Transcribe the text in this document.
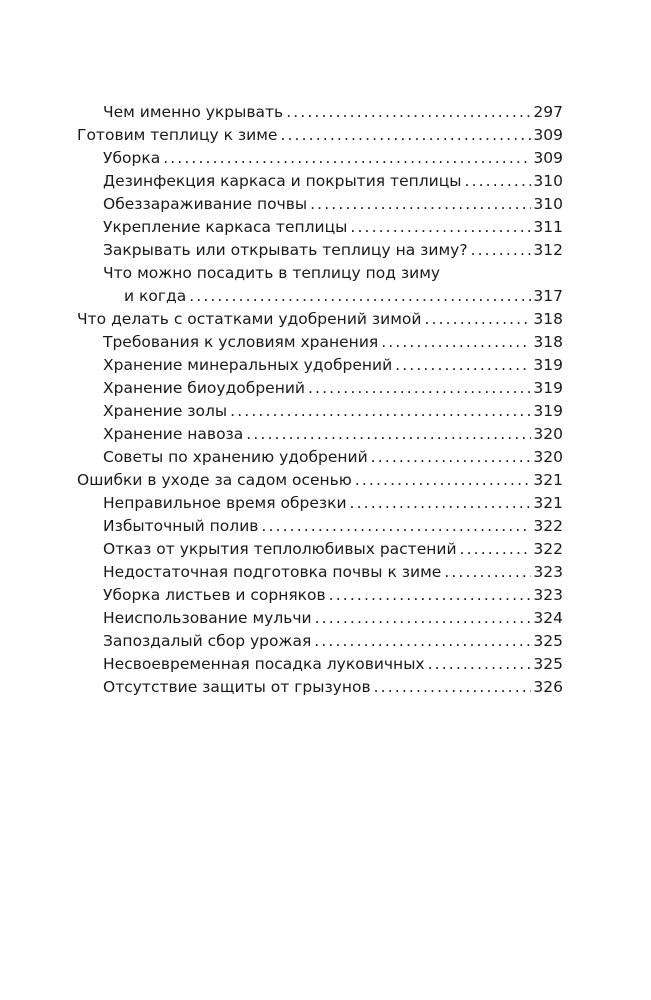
Чем именно укрывать . . .	297
Готовим теплицу к зиме . . .	309
Уборка . . .	309
Дезинфекция каркаса и покрытия теплицы . . .	310
Обеззараживание почвы . . .	310
Укрепление каркаса теплицы . . .	311
Закрывать или открывать теплицу на зиму? . . .	312
Что можно посадить в теплицу под зиму
и когда . . .	317
Что делать с остатками удобрений зимой . . .	318
Требования к условиям хранения . . .	318
Хранение минеральных удобрений . . .	319
Хранение биоудобрений . . .	319
Хранение золы . . .	319
Хранение навоза . . .	320
Советы по хранению удобрений . . .	320
Ошибки в уходе за садом осенью . . .	321
Неправильное время обрезки . . .	321
Избыточный полив . . .	322
Отказ от укрытия теплолюбивых растений . . .	322
Недостаточная подготовка почвы к зиме . . .	323
Уборка листьев и сорняков . . .	323
Неиспользование мульчи . . .	324
Запоздалый сбор урожая . . .	325
Несвоевременная посадка луковичных . . .	325
Отсутствие защиты от грызунов . . .	326
